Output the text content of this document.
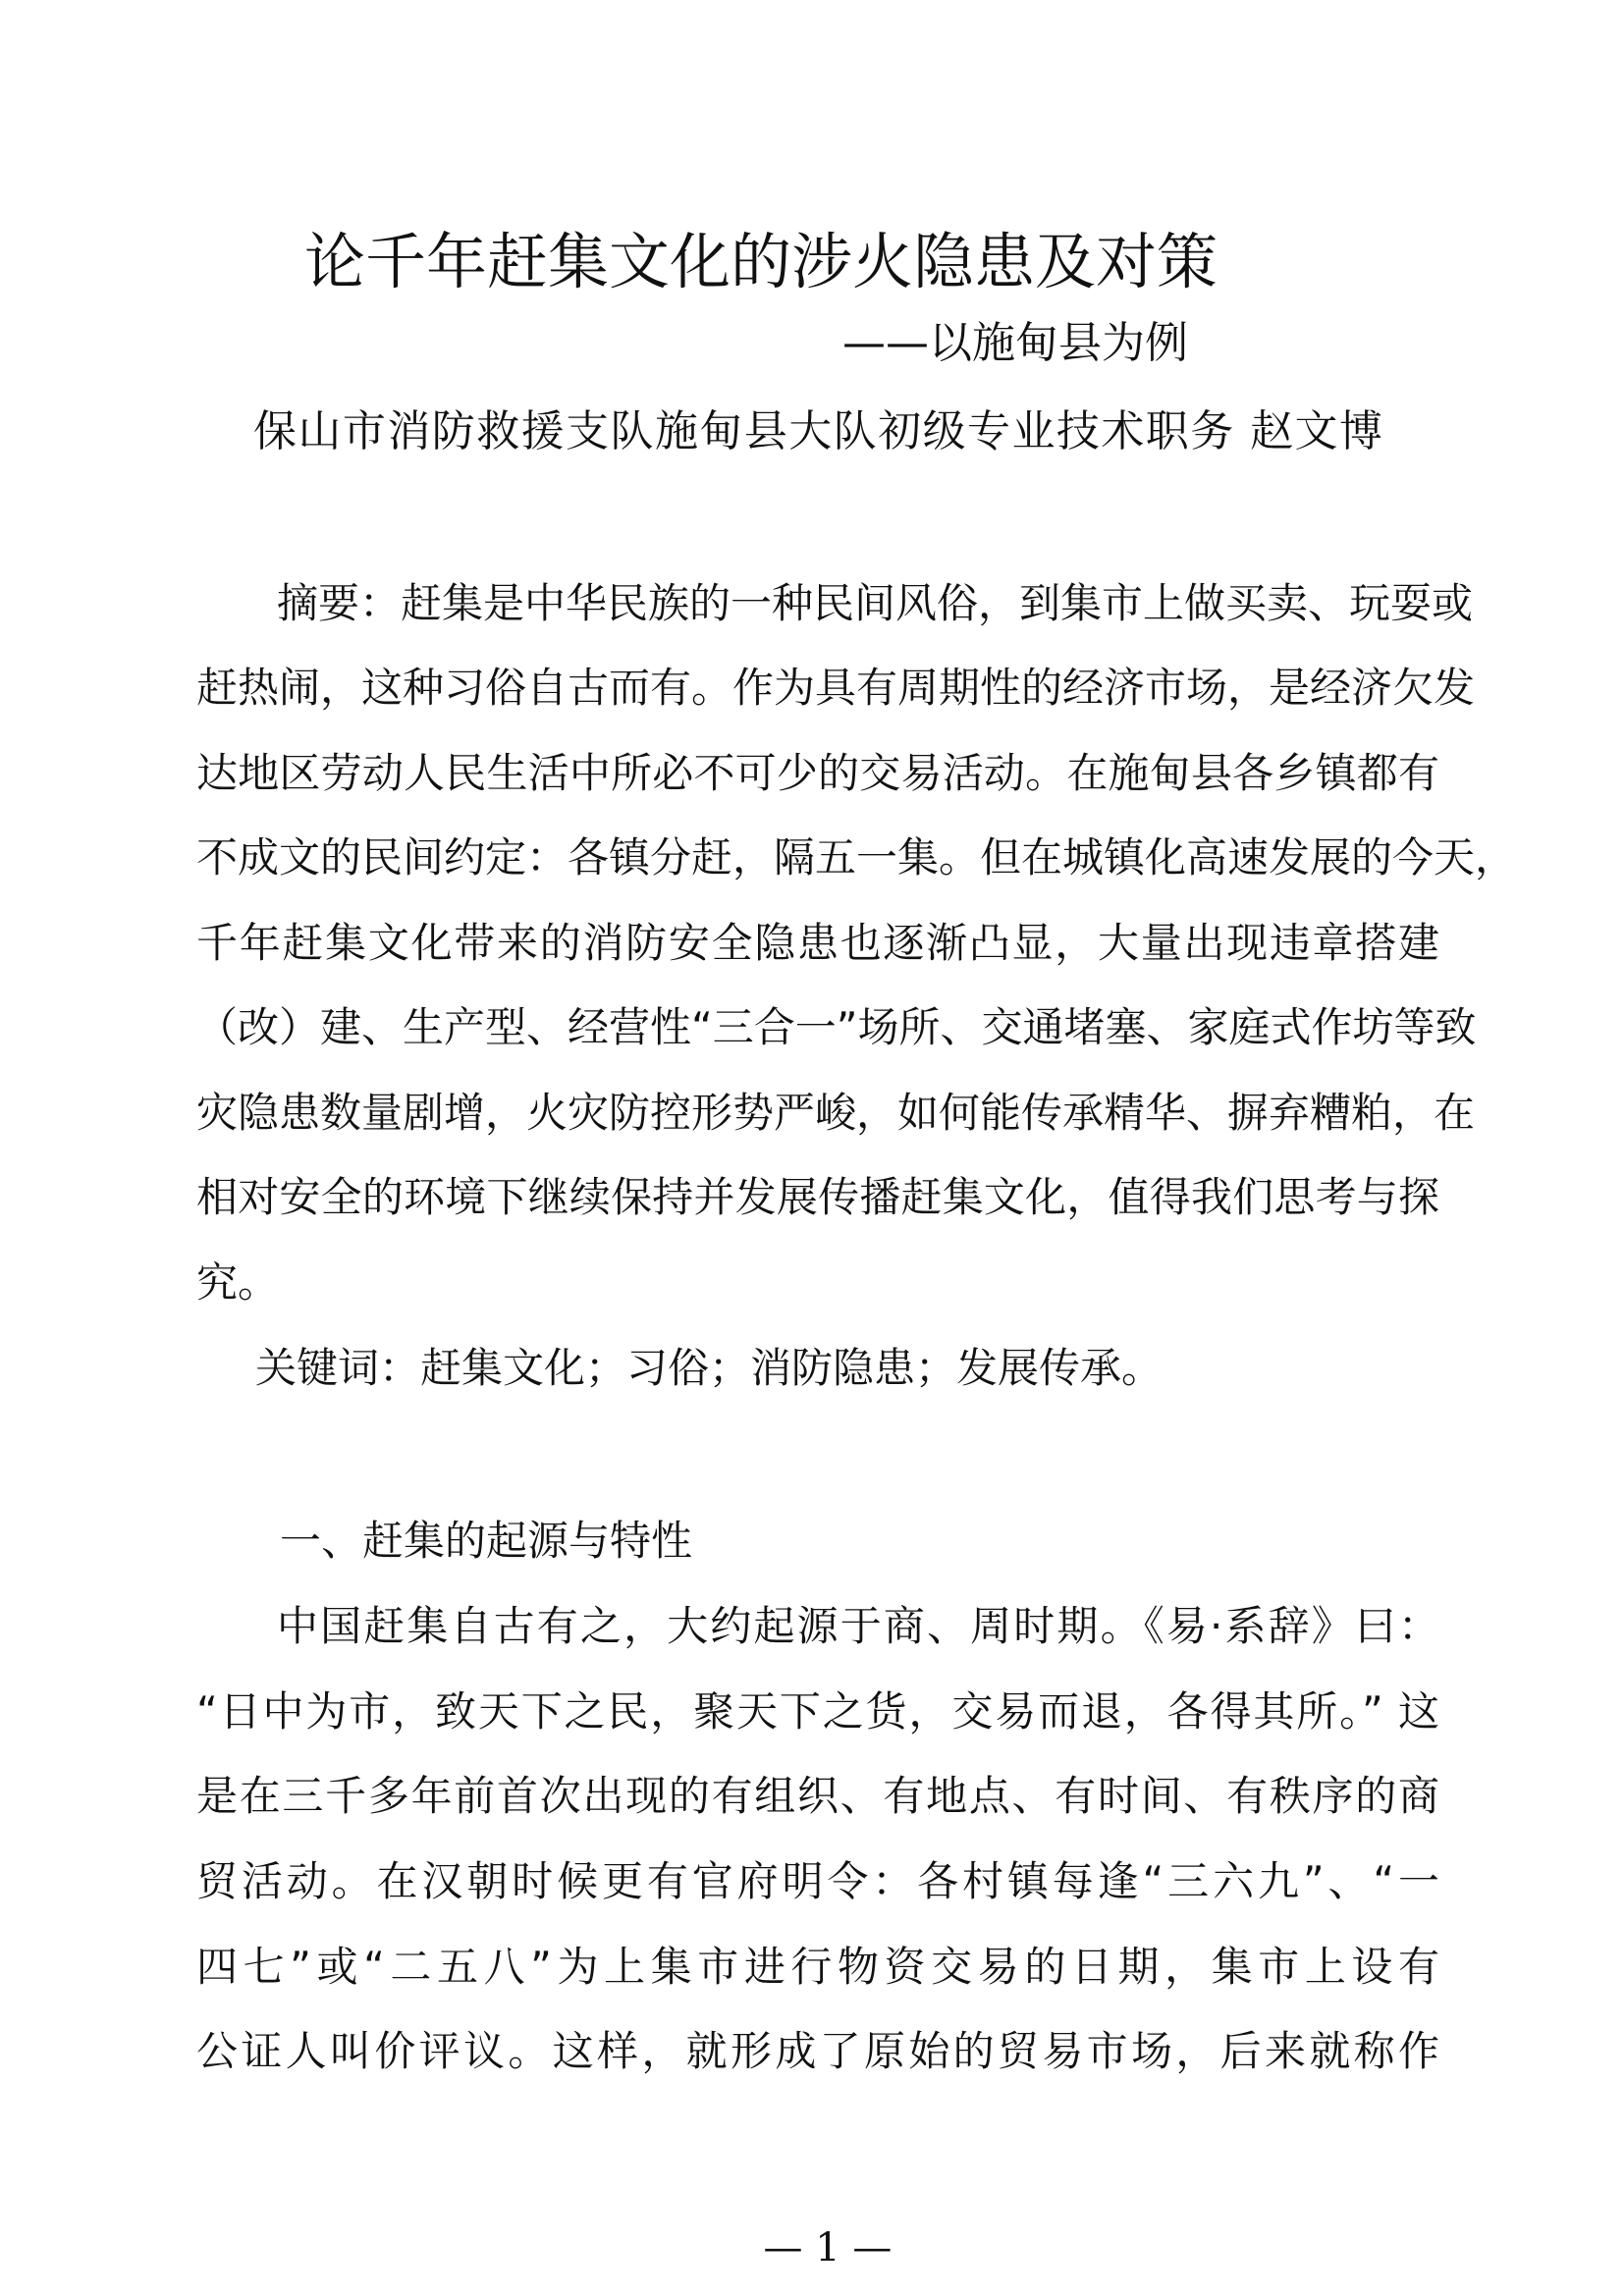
论千年赶集文化的涉火隐患及对策
——以施甸县为例
保山市消防救援支队施甸县大队初级专业技术职务 赵文博
摘要：赶集是中华民族的一种民间风俗，到集市上做买卖、玩耍或
赶热闹，这种习俗自古而有。作为具有周期性的经济市场，是经济欠发
达地区劳动人民生活中所必不可少的交易活动。在施甸县各乡镇都有
不成文的民间约定：各镇分赶，隔五一集。但在城镇化高速发展的今天，
千年赶集文化带来的消防安全隐患也逐渐凸显，大量出现违章搭建
（改）建、生产型、经营性“三合一”场所、交通堵塞、家庭式作坊等致
灾隐患数量剧增，火灾防控形势严峻，如何能传承精华、摒弃糟粕，在
相对安全的环境下继续保持并发展传播赶集文化，值得我们思考与探
究。
关键词：赶集文化；习俗；消防隐患；发展传承。
一、赶集的起源与特性
中国赶集自古有之，大约起源于商、周时期。《易·系辞》曰：
“日中为市，致天下之民，聚天下之货，交易而退，各得其所。” 这
是在三千多年前首次出现的有组织、有地点、有时间、有秩序的商
贸活动。在汉朝时候更有官府明令：各村镇每逢“三六九”、“一
四七”或“二五八”为上集市进行物资交易的日期，集市上设有
公证人叫价评议。这样，就形成了原始的贸易市场，后来就称作
— 1 —
